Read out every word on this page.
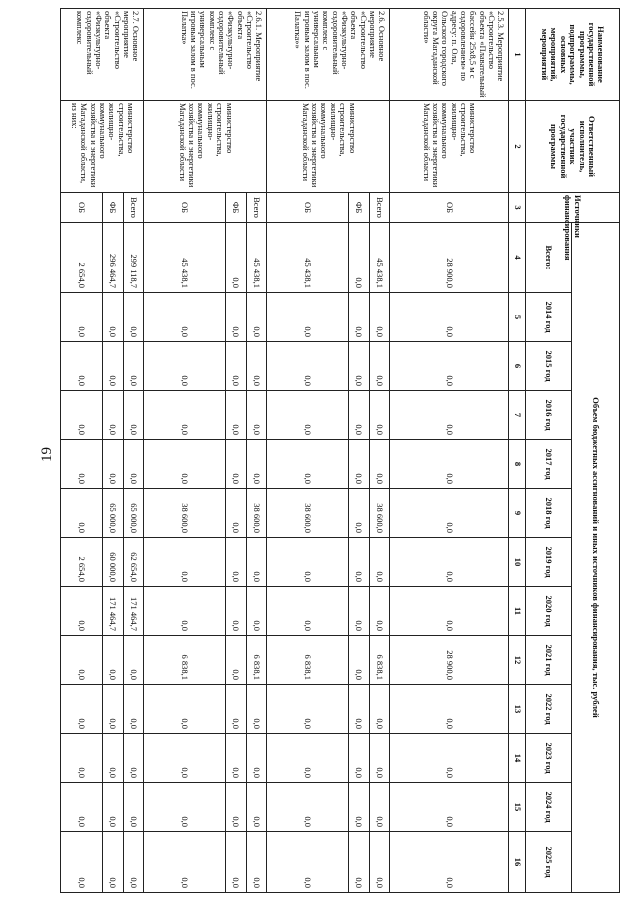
19
Наименование государственной программы, подпрограммы, основных мероприятий, мероприятий	Ответственный исполнитель, участник государственной программы	Источники финансирования	Объем бюджетных ассигнований и иных источников финансирования, тыс. рублей												
			Всего:	2014 год	2015 год	2016 год	2017 год	2018 год	2019 год	2020 год	2021 год	2022 год	2023 год	2024 год	2025 год
1	2	3	4	5	6	7	8	9	10	11	12	13	14	15	16
2.5.3. Мероприятие «Строительство объекта «Плавательный бассейн 25х8,5 м с оздоровлением» по адресу: п. Ола, Ольского городского округа Магаданской области»	министерство строительства, жилищно-коммунального хозяйства и энергетики Магаданской области	ОБ	28 900,0	0,0	0,0	0,0	0,0	0,0	0,0	0,0	28 900,0	0,0	0,0	0,0	0,0
2.6. Основное мероприятие «Строительство объекта «Физкультурно-оздоровительный комплекс с универсальным игровым залом в пос. Палатка»»	министерство строительства, жилищно-коммунального хозяйства и энергетики Магаданской области	Всего	45 438,1	0,0	0,0	0,0	0,0	38 600,0	0,0	0,0	6 838,1	0,0	0,0	0,0	0,0
		ФБ	0,0	0,0	0,0	0,0	0,0	0,0	0,0	0,0	0,0	0,0	0,0	0,0	0,0
		ОБ	45 438,1	0,0	0,0	0,0	0,0	38 600,0	0,0	0,0	6 838,1	0,0	0,0	0,0	0,0
2.6.1. Мероприятие «Строительство объекта «Физкультурно-оздоровительный комплекс с универсальным игровым залом в пос. Палатка»	министерство строительства, жилищно-коммунального хозяйства и энергетики Магаданской области	Всего	45 438,1	0,0	0,0	0,0	0,0	38 600,0	0,0	0,0	6 838,1	0,0	0,0	0,0	0,0
		ФБ	0,0	0,0	0,0	0,0	0,0	0,0	0,0	0,0	0,0	0,0	0,0	0,0	0,0
		ОБ	45 438,1	0,0	0,0	0,0	0,0	38 600,0	0,0	0,0	6 838,1	0,0	0,0	0,0	0,0
2.7. Основное мероприятие «Строительство объекта «Физкультурно-оздоровительный комплекс	министерство строительства, жилищно-коммунального хозяйства и энергетики Магаданской области, из них:	Всего	299 118,7	0,0	0,0	0,0	0,0	65 000,0	62 654,0	171 464,7	0,0	0,0	0,0	0,0	0,0
		ФБ	296 464,7	0,0	0,0	0,0	0,0	65 000,0	60 000,0	171 464,7	0,0	0,0	0,0	0,0	0,0
		ОБ	2 654,0	0,0	0,0	0,0	0,0	0,0	2 654,0	0,0	0,0	0,0	0,0	0,0	0,0
